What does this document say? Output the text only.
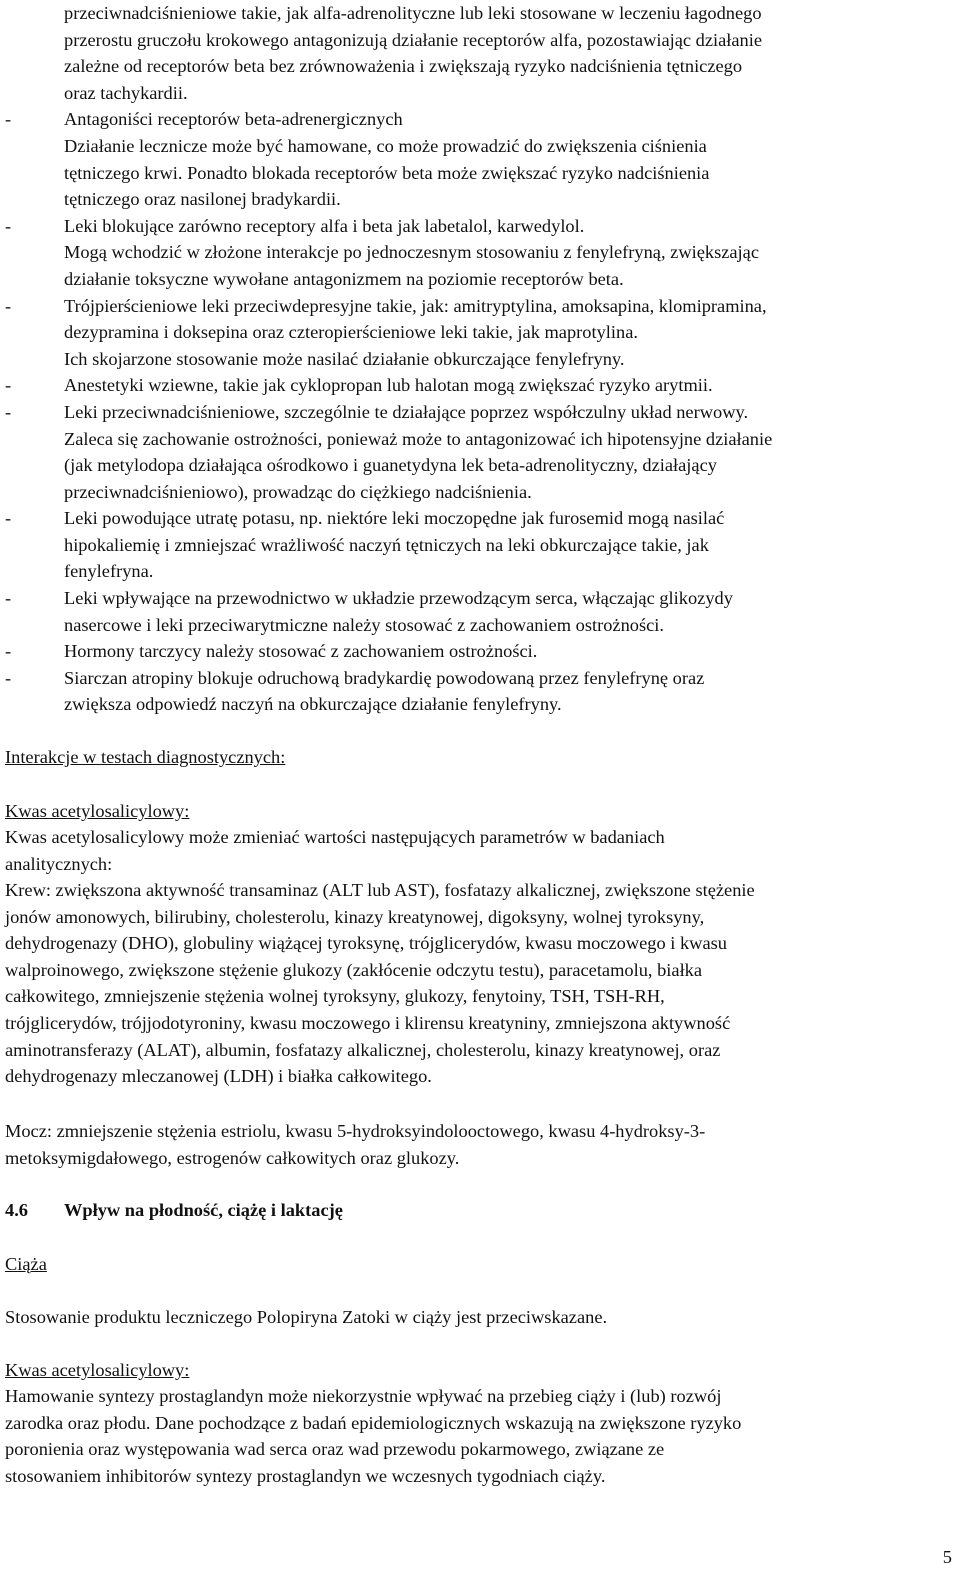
przeciwnadciśnieniowe takie, jak alfa-adrenolityczne lub leki stosowane w leczeniu łagodnego
przerostu gruczołu krokowego antagonizują działanie receptorów alfa, pozostawiając działanie
zależne od receptorów beta bez zrównoważenia i zwiększają ryzyko nadciśnienia tętniczego
oraz tachykardii.
-	Antagoniści receptorów beta-adrenergicznych
Działanie lecznicze może być hamowane, co może prowadzić do zwiększenia ciśnienia
tętniczego krwi. Ponadto blokada receptorów beta może zwiększać ryzyko nadciśnienia
tętniczego oraz nasilonej bradykardii.
-	Leki blokujące zarówno receptory alfa i beta jak labetalol, karwedylol.
Mogą wchodzić w złożone interakcje po jednoczesnym stosowaniu z fenylefryną, zwiększając
działanie toksyczne wywołane antagonizmem na poziomie receptorów beta.
-	Trójpierścieniowe leki przeciwdepresyjne takie, jak: amitryptylina, amoksapina, klomipramina,
dezypramina i doksepina oraz czteropierścieniowe leki takie, jak maprotylina.
Ich skojarzone stosowanie może nasilać działanie obkurczające fenylefryny.
-	Anestetyki wziewne, takie jak cyklopropan lub halotan mogą zwiększać ryzyko arytmii.
-	Leki przeciwnadciśnieniowe, szczególnie te działające poprzez współczulny układ nerwowy.
Zaleca się zachowanie ostrożności, ponieważ może to antagonizować ich hipotensyjne działanie
(jak metylodopa działająca ośrodkowo i guanetydyna lek beta-adrenolityczny, działający
przeciwnadciśnieniowo), prowadząc do ciężkiego nadciśnienia.
-	Leki powodujące utratę potasu, np. niektóre leki moczopędne jak furosemid mogą nasilać
hipokaliemię i zmniejszać wrażliwość naczyń tętniczych na leki obkurczające takie, jak
fenylefryna.
-	Leki wpływające na przewodnictwo w układzie przewodzącym serca, włączając glikozydy
nasercowe i leki przeciwarytmiczne należy stosować z zachowaniem ostrożności.
-	Hormony tarczycy należy stosować z zachowaniem ostrożności.
-	Siarczan atropiny blokuje odruchową bradykardię powodowaną przez fenylefrynę oraz
zwiększa odpowiedź naczyń na obkurczające działanie fenylefryny.
Interakcje w testach diagnostycznych:
Kwas acetylosalicylowy:
Kwas acetylosalicylowy może zmieniać wartości następujących parametrów w badaniach
analitycznych:
Krew: zwiększona aktywność transaminaz (ALT lub AST), fosfatazy alkalicznej, zwiększone stężenie
jonów amonowych, bilirubiny, cholesterolu, kinazy kreatynowej, digoksyny, wolnej tyroksyny,
dehydrogenazy (DHO), globuliny wiążącej tyroksynę, trójglicerydów, kwasu moczowego i kwasu
walproinowego, zwiększone stężenie glukozy (zakłócenie odczytu testu), paracetamolu, białka
całkowitego, zmniejszenie stężenia wolnej tyroksyny, glukozy, fenytoiny, TSH, TSH-RH,
trójglicerydów, trójjodotyroniny, kwasu moczowego i klirensu kreatyniny, zmniejszona aktywność
aminotransferazy (ALAT), albumin, fosfatazy alkalicznej, cholesterolu, kinazy kreatynowej, oraz
dehydrogenazy mleczanowej (LDH) i białka całkowitego.
Mocz: zmniejszenie stężenia estriolu, kwasu 5-hydroksyindolooctowego, kwasu 4-hydroksy-3-
metoksymigdałowego, estrogenów całkowitych oraz glukozy.
4.6 Wpływ na płodność, ciążę i laktację
Ciąża
Stosowanie produktu leczniczego Polopiryna Zatoki w ciąży jest przeciwskazane.
Kwas acetylosalicylowy:
Hamowanie syntezy prostaglandyn może niekorzystnie wpływać na przebieg ciąży i (lub) rozwój
zarodka oraz płodu. Dane pochodzące z badań epidemiologicznych wskazują na zwiększone ryzyko
poronienia oraz występowania wad serca oraz wad przewodu pokarmowego, związane ze
stosowaniem inhibitorów syntezy prostaglandyn we wczesnych tygodniach ciąży.
5
